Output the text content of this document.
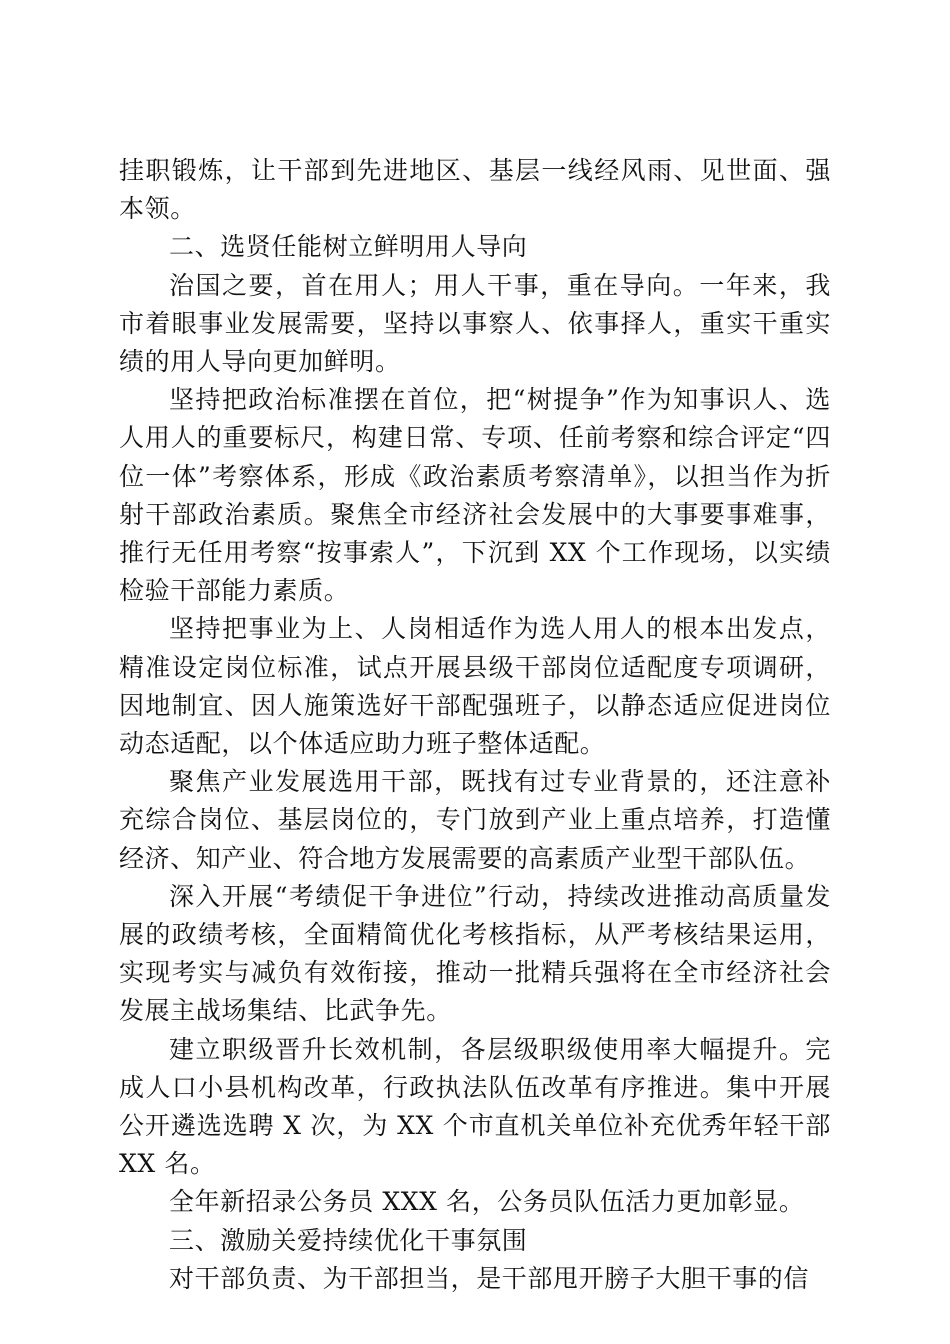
挂职锻炼，让干部到先进地区、基层一线经风雨、见世面、强本领。

二、选贤任能树立鲜明用人导向

治国之要，首在用人；用人干事，重在导向。一年来，我市着眼事业发展需要，坚持以事察人、依事择人，重实干重实绩的用人导向更加鲜明。

坚持把政治标准摆在首位，把“树提争”作为知事识人、选人用人的重要标尺，构建日常、专项、任前考察和综合评定“四位一体”考察体系，形成《政治素质考察清单》，以担当作为折射干部政治素质。聚焦全市经济社会发展中的大事要事难事，推行无任用考察“按事索人”，下沉到 XX 个工作现场，以实绩检验干部能力素质。

坚持把事业为上、人岗相适作为选人用人的根本出发点，精准设定岗位标准，试点开展县级干部岗位适配度专项调研，因地制宜、因人施策选好干部配强班子，以静态适应促进岗位动态适配，以个体适应助力班子整体适配。

聚焦产业发展选用干部，既找有过专业背景的，还注意补充综合岗位、基层岗位的，专门放到产业上重点培养，打造懂经济、知产业、符合地方发展需要的高素质产业型干部队伍。

深入开展“考绩促干争进位”行动，持续改进推动高质量发展的政绩考核，全面精简优化考核指标，从严考核结果运用，实现考实与减负有效衔接，推动一批精兵强将在全市经济社会发展主战场集结、比武争先。

建立职级晋升长效机制，各层级职级使用率大幅提升。完成人口小县机构改革，行政执法队伍改革有序推进。集中开展公开遴选选聘 X 次，为 XX 个市直机关单位补充优秀年轻干部XX 名。

全年新招录公务员 XXX 名，公务员队伍活力更加彰显。

三、激励关爱持续优化干事氛围

对干部负责、为干部担当，是干部甩开膀子大胆干事的信
